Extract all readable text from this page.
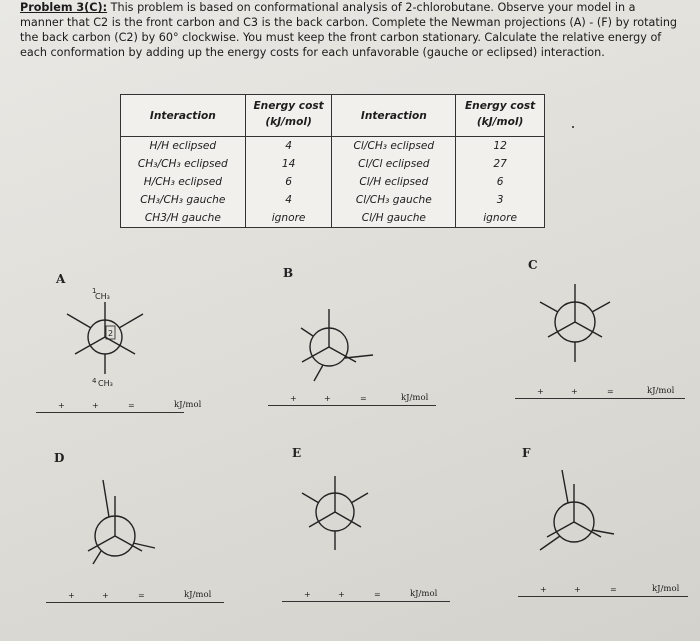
Problem 3(C): This problem is based on conformational analysis of 2-chlorobutane. Observe your model in a manner that C2 is the front carbon and C3 is the back carbon. Complete the Newman projections (A) - (F) by rotating the back carbon (C2) by 60° clockwise. You must keep the front carbon stationary. Calculate the relative energy of each conformation by adding up the energy costs for each unfavorable (gauche or eclipsed) interaction.
Interaction	Energy cost (kJ/mol)	Interaction	Energy cost (kJ/mol)
H/H eclipsed	4	Cl/CH₃ eclipsed	12
CH₃/CH₃ eclipsed	14	Cl/Cl eclipsed	27
H/CH₃ eclipsed	6	Cl/H eclipsed	6
CH₃/CH₃ gauche	4	Cl/CH₃ gauche	3
CH3/H gauche	ignore	Cl/H gauche	ignore
A
CH₃
1
2
4 CH₃
+	+	=	kJ/mol
B
+	+	=	kJ/mol
C
+	+	=	kJ/mol
D
+	+	=	kJ/mol
E
+	+	=	kJ/mol
F
+	+	=	kJ/mol
